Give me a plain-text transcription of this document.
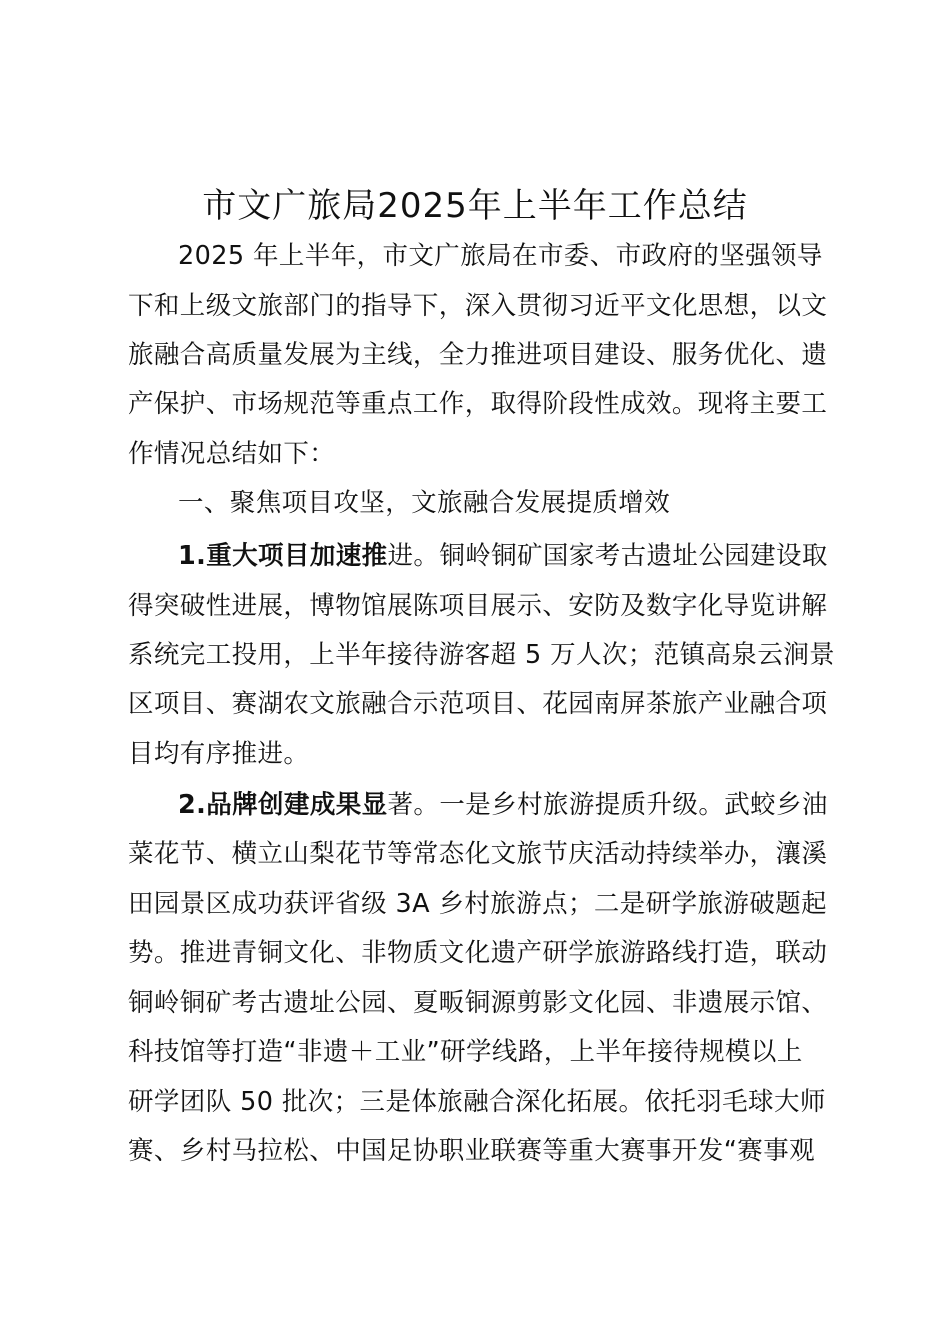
市文广旅局2025年上半年工作总结
2025 年上半年，市文广旅局在市委、市政府的坚强领导
下和上级文旅部门的指导下，深入贯彻习近平文化思想，以文
旅融合高质量发展为主线，全力推进项目建设、服务优化、遗
产保护、市场规范等重点工作，取得阶段性成效。现将主要工
作情况总结如下：
一、聚焦项目攻坚，文旅融合发展提质增效
1.重大项目加速推进。铜岭铜矿国家考古遗址公园建设取
得突破性进展，博物馆展陈项目展示、安防及数字化导览讲解
系统完工投用，上半年接待游客超 5 万人次；范镇高泉云涧景
区项目、赛湖农文旅融合示范项目、花园南屏茶旅产业融合项
目均有序推进。
2.品牌创建成果显著。一是乡村旅游提质升级。武蛟乡油
菜花节、横立山梨花节等常态化文旅节庆活动持续举办，瀼溪
田园景区成功获评省级 3A 乡村旅游点；二是研学旅游破题起
势。推进青铜文化、非物质文化遗产研学旅游路线打造，联动
铜岭铜矿考古遗址公园、夏畈铜源剪影文化园、非遗展示馆、
科技馆等打造“非遗＋工业”研学线路，上半年接待规模以上
研学团队 50 批次；三是体旅融合深化拓展。依托羽毛球大师
赛、乡村马拉松、中国足协职业联赛等重大赛事开发“赛事观
